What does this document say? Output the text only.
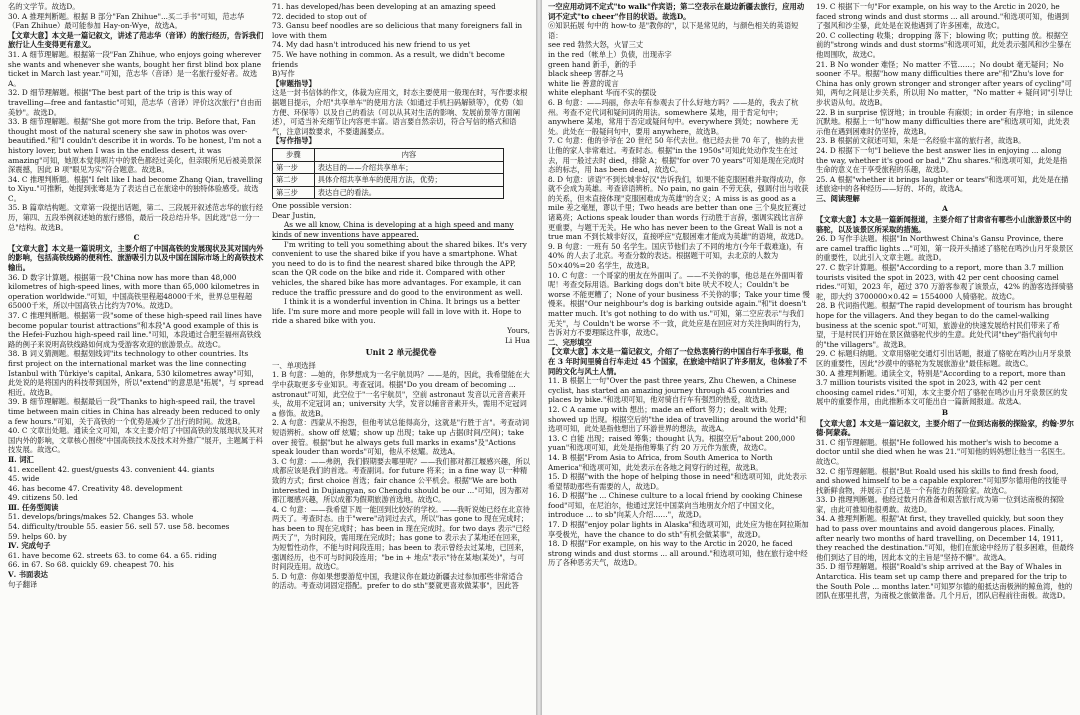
名的文学节。故选D。

30. A 推理判断题。根据 B 部分"Fan Zhihue"...买二手书"可知，范志华（Fan Zhihue）最可能参加 Hay-on-Wye，故选A。

【文章大意】本文是一篇记叙文，讲述了范志华（音译）的旅行经历，告诉我们旅行让人生变得更有意义。

31. A 细节理解题。根据第一段"Fan Zhihue, who enjoys going wherever she wants and whenever she wants, bought her first blind box plane ticket in March last year."可知，范志华（音译）是一名旅行爱好者。故选A。

32. D 细节理解题。根据"The best part of the trip is this way of travelling—free and fantastic"可知，范志华（音译）评价这次旅行"自由而美妙"。故选D。

33. B 细节理解题。根据"She got more from the trip. Before that, Fan thought most of the natural scenery she saw in photos was over-beautified."和"I couldn't describe it in words. To be honest, I'm not a history lover, but when I was in the endless desert, it was amazing"可知，她原本觉得照片中的景色都经过美化，但亲眼所见后被美景深深震撼，因此 B 项"眼见为实"符合题意。故选B。

34. C 推理判断题。根据"I felt like I had become Zhang Qian, travelling to Xiyu."可推断，她提到张骞是为了表达自己在旅途中的独特体验感受。故选C。

35. B 篇章结构题。文章第一段提出话题，第二、三段展开叙述范志华的旅行经历，第四、五段举例叙述她的旅行感悟，最后一段总结升华。因此选"总一分一总"结构。故选B。

C

【文章大意】本文是一篇说明文，主要介绍了中国高铁的发展现状及其对国内外的影响，包括高铁线路的便利性、旅游吸引力以及中国在国际市场上的高铁技术输出。

36. D 数字计算题。根据第一段"China now has more than 48,000 kilometres of high-speed lines, with more than 65,000 kilometres in operation worldwide."可知，中国高铁里程超48000千米，世界总里程超65000千米，所以中国高铁占比约为70%。故选D。

37. C 推理判断题。根据第一段"some of these high-speed rail lines have become popular tourist attractions"和本段"A good example of this is the Hefei-Fuzhou high-speed rail line."可知，本段通过合肥至福州高铁线路的例子来说明高铁线路如何成为受游客欢迎的旅游景点。故选C。

38. B 词义猜测题。根据划线词"its technology to other countries. Its first project on the international market was the line connecting Istanbul with Türkiye's capital, Ankara, 530 kilometres away"可知，此处说的是将国内的科技带到国外，所以"extend"的意思是"拓展"，与 spread 相近。故选B。

39. B 细节理解题。根据最后一段"Thanks to high-speed rail, the travel time between main cities in China has already been reduced to only a few hours."可知，关于高铁的一个优势是减少了出行的时间。故选B。

40. C 文章出处题。通读全文可知，本文主要介绍了中国高铁的发展现状及其对国内外的影响，文章核心围绕"中国高铁技术及技术对外推广"展开，主题属于科技发展。故选C。

Ⅱ. 词汇

41. excellent 42. guest/guests 43. convenient 44. giants

45. wide

46. has become 47. Creativity 48. development

49. citizens 50. led

Ⅲ. 任务型阅读

51. develops/brings/makes 52. Changes 53. whole

54. difficulty/trouble 55. easier 56. sell 57. use 58. becomes

59. helps 60. by

Ⅳ. 完成句子

61. have become 62. streets 63. to come 64. a 65. riding

66. in 67. So 68. quickly 69. cheapest 70. his

Ⅴ. 书面表达

句子翻译

71. has developed/has been developing at an amazing speed

72. decided to stop out of

73. Gansu beef noodles are so delicious that many foreigners fall in love with them

74. My dad hasn't introduced his new friend to us yet

75. We have nothing in common. As a result, we didn't become friends

B)写作

【审题指导】

这是一封书信体的作文，体裁为应用文，时态主要使用一般现在时，写作要求根据题目提示，介绍"共享单车"的使用方法（如通过手机扫码解锁等），优势（如方便、环保等）以及自己的看法（可以从其对生活的影响、发展前景等方面阐述），可适当补充细节让内容更丰富。语言要自然亲切，符合写信的格式和语气，注意词数要求，不要遗漏要点。

【写作指导】

步骤	内容
第一步	表达目的——介绍共享单车；
第二步	具体介绍共享单车的使用方法，优势；
第三步	表达自己的看法。

One possible version：

Dear Justin,

As we all know, China is developing at a high speed and many kinds of new inventions have appeared.

I'm writing to tell you something about the shared bikes. It's very convenient to use the shared bike if you have a smartphone. What you need to do is to find the nearest shared bike through the APP, scan the QR code on the bike and ride it. Compared with other vehicles, the shared bike has more advantages. For example, it can reduce the traffic pressure and do good to the environment as well.

I think it is a wonderful invention in China. It brings us a better life. I'm sure more and more people will fall in love with it. Hope to ride a shared bike with you.

Yours,

Li Hua

Unit 2 单元提优卷

一、单项选择

1. B 句意：—她的，你梦想成为一名宇航员吗？——是的，因此，我希望能在大学中获取更多专业知识。考查冠词。根据"Do you dream of becoming ... astronaut"可知，此空位于"一名宇航员"，空前 astronaut 发音以元音音素开头，故用不定冠词 an；university 大学，发音以辅音音素开头，需用不定冠词 a 修饰。故选B。

2. A 句意：西蒙从不抱怨，但他考试总能得高分，这就是"行胜于言"。考查动词短语辨析。show off 炫耀；show up 出现；take up 占据(时间/空间)；take over 接管。根据"but he always gets full marks in exams"及"Actions speak louder than words"可知，他从不炫耀。故选A。

3. C 句意：——弗朗，我们假期要去哪里呢？——我们都对都江堰感兴趣，所以成都应该是我们的首选。考查副词。for future 将来；in a fine way 以一种精致的方式；first choice 首选；fair chance 公平机会。根据"We are both interested in Dujiangyan, so Chengdu should be our ..."可知，因为都对都江堰感兴趣，所以成都为假期旅游首选地。故选C。

4. C 句意：——我希望下周一能回到比较好的学校。——我听说她已经在北京待两天了。考查时态。由于"were"动词过去式，所以"has gone to 现在完成时；has been to 现在完成时；has been in 现在完成时。for two days 表示"已经两天了"，为时间段，需用现在完成时；has gone to 表示去了某地还在回来，为短暂性动作，不能与时间段连用；has been to 表示曾经去过某地，已回来，强调经历，也不可与时间段连用；"be in + 地点"表示"待在某地(某处)"，与可时间段连用。故选C。

5. D 句意：你如果想要游览中国，我建议你在最边新疆去过参加那些非常适合的活动。考查动词固定搭配。prefer to do sth"要就更喜欢做某事"，因此答

一空应用动词不定式"to walk"作宾语；第二空表示在最边新疆去旅行，应用动词不定式"to cheer"作目的状语。故选D。

⑥知识拓展 句中的 how-to 是"教你的"，以下是常见的，与颜色相关的英语短语：

see red 勃然大怒，火冒三丈

in the red（帐单上）负债，出现赤字

green hand 新手，新的手

black sheep 害群之马

white lie 善意的谎言

white elephant 华而不实的摆设

6. B 句意：——玛丽，你去年有参观去了什么好地方吗？——是的，我去了杭州。考查不定代词和疑问词的用法。somewhere 某地，用于肯定句中；anywhere 某地，常用于否定或疑问句中。everywhere 到处；nowhere 无处。此处在一般疑问句中，要用 anywhere，故选B。

7. C 句意：他的爷爷在 20 世纪 50 年代去世。他已经去世 70 年了，他的去世让他的家人非常难过。考查时态。根据"in the 1950s"可知此处动作发生在过去，用一般过去时 died，排除 A；根据"for over 70 years"可知是现在完成时态的标志，用 has been dead，故选C。

8. D 句意：谚语"不到长城非好汉"告诉我们，如果不能克服困难并取得成功，你就不会成为英雄。考查谚语辨析。No pain, no gain 不劳无获，强调付出与收获的关系，但未直接体现"克服困难成为英雄"的含义；A miss is as good as a mile 差之毫厘，谬以千里；Two heads are better than one 三个臭皮匠赛过诸葛亮；Actions speak louder than words 行动胜于言辞，强调实践比言辞更重要，与题干无关。He who has never been to the Great Wall is not a true man 不到长城非好汉，直接呼应"克服困难才能成为英雄"的语境，故选D。

9. B 句意：一班有 50 名学生。国庆节他们去了不同的地方(今年千载难逢)，有 40% 的人去了北京。考查分数的表达。根据题干可知，去北京的人数为 50×40%=20 名学生，故选B。

10. C 句意：一个哥家的朋友在外面叫了。——不关你的事，他总是在外面叫着呢！考查交际用语。Barking dogs don't bite 吠犬不咬人；Couldn't be worse 不能更糟了；None of your business 不关你的事；Take your time 慢慢来。根据"Our neighbour's dog is barking outside again."和"it doesn't matter much. It's got nothing to do with us."可知，第二空应表示"与我们无关"，与 Couldn't be worse 不一致，此处应是在回应对方关注狗叫的行为，告诉对方不要理睬这件事，故选C。

二、完形填空

【文章大意】本文是一篇记叙文，介绍了一位热衷骑行的中国自行车手张聪，他在 3 年时间里骑自行车走过 45 个国家，在旅途中结识了许多朋友，也体验了不同的文化与风土人情。

11. B 根据上一句"Over the past three years, Zhu Chewen, a Chinese cyclist, has started an amazing journey through 45 countries and places by bike."和选项可知，他对骑自行车有强烈的热爱，故选B。

12. C A came up with 想出；made an effort 努力；dealt with 处理；showed up 出现。根据空后的"the idea of travelling around the world"和选项可知，此处是指他想出了环游世界的想法，故选A。

13. C 自能 出现；raised 筹集；thought 认为。根据空后"about 200,000 yuan"和选项可知，此处是指他筹集了约 20 万元作为旅费，故选C。

14. B 根据"From Asia to Africa, from South America to North America"和选项可知，此处表示在各地之间穿行的过程，故选B。

15. D 根据"with the hope of helping those in need"和选项可知，此处表示希望帮助那些有需要的人，故选D。

16. D 根据"he ... Chinese culture to a local friend by cooking Chinese food"可知，在尼泊尔，他通过烹饪中国菜向当地朋友介绍了中国文化，introduce ... to sb"向某人介绍……"，故选D。

17. D 根据"enjoy polar lights in Alaska"和选项可知，此处应为他在阿拉斯加享受极光，have the chance to do sth"有机会做某事"，故选D。

18. D 根据"For example, on his way to the Arctic in 2020, he faced strong winds and dust storms ... all around."和选项可知，他在旅行途中经历了各种恶劣天气，故选D。

19. C 根据下一句"For example, on his way to the Arctic in 2020, he faced strong winds and dust storms ... all around."和选项可知，他遇到了强风和沙尘暴，此处是在说他遇到了许多困难，故选C。

20. C collecting 收集；dropping 落下；blowing 吹；putting 放。根据空前的"strong winds and dust storms"和选项可知，此处表示强风和沙尘暴在他周围吹，故选C。

21. B No wonder 难怪；No matter 不管……；No doubt 毫无疑问；No sooner 不早。根据"how many difficulties there are"和"Zhu's love for China has only grown stronger and stronger after years of cycling"可知，两句之间是让步关系，所以用 No matter，"No matter + 疑问词"引导让步状语从句。故选B。

22. B in surprise 惊讶地；in trouble 有麻烦；in order 有序地；in silence 沉默地。根据上一句"how many difficulties there are"和选项可知，此处表示他在遇到困难时仍坚持，故选B。

23. B 根据前文叙述可知，朱是一名经验丰富的旅行者，故选B。

24. D 根据下一句"I believe the best answer lies in enjoying ... along the way, whether it's good or bad," Zhu shares."和选项可知，此处是指生命的意义在于享受旅程的乐趣，故选D。

25. A 根据"whether it brings laughter or tears"和选项可知，此处是在描述旅途中的各种经历——好的、坏的，故选A。

三、阅读理解

A

【文章大意】本文是一篇新闻报道，主要介绍了甘肃省有哪些小山旅游景区中的骆驼，以及该景区所采取的措施。

26. D 写作手法题。根据"In Northwest China's Gansu Province, there are camel traffic lights ..."可知，第一段开头描述了骆驼在鸣沙山月牙泉景区的重要性，以此引入文章主题。故选D。

27. C 数字计算题。根据"According to a report, more than 3.7 million tourists visited the spot in 2023, with 42 per cent choosing camel rides."可知，2023 年，超过 370 万游客参观了该景点，42% 的游客选择骑骆驼，即大约 3700000×0.42 = 1554000 人骑骆驼。故选C。

28. B 代词指代题。根据"The rapid development of tourism has brought hope for the villagers. And they began to do the camel-walking business at the scenic spot."可知，旅游业的快速发展给村民们带来了希望，于是村民们开始在景区做骆驼代步的生意。此处代词"they"指代前句中的"the villagers"。故选B。

29. C 标题归纳题。文章用骆驼交通灯引出话题，报道了骆驼在鸣沙山月牙泉景区的重要性，因此"沙漠中的骆驼为发展旅游业"最佳标题。故选C。

30. A 推理判断题。通读全文，特别是"According to a report, more than 3.7 million tourists visited the spot in 2023, with 42 per cent choosing camel rides."可知，本文主要介绍了骆驼在鸣沙山月牙泉景区的发展中的重要作用，由此推断本文可能出自一篇新闻报道。故选A。

B

【文章大意】本文是一篇记叙文，主要介绍了一位到达南极的探险家，约翰·罗尔德·阿蒙森。

31. C 细节理解题。根据"He followed his mother's wish to become a doctor until she died when he was 21."可知他的妈妈想让他当一名医生。故选C。

32. C 细节理解题。根据"But Roald used his skills to find fresh food, and showed himself to be a capable explorer."可知罗尔德用他的技能寻找新鲜食物，并展示了自己是一个有能力的探险家。故选C。

33. D 推理判断题。他经过数月的准备和艰苦旅行成为第一位到达南极的探险家，由此可推知他很勇敢。故选D。

34. A 推理判断题。根据"At first, they travelled quickly, but soon they had to pass over mountains and avoid dangerous places. Finally, after nearly two months of hard travelling, on December 14, 1911, they reached the destination."可知，他们在旅途中经历了很多困难，但最终他们到达了目的地，因此本文的主旨是"坚持不懈"。故选A。

35. D 细节理解题。根据"Roald's ship arrived at the Bay of Whales in Antarctica. His team set up camp there and prepared for the trip to the South Pole ... months later."可知罗尔德的船抵达南极洲的鲸鱼湾，他的团队在那里扎营，为南极之旅做准备。几个月后，团队启程前往南极。故选D。
